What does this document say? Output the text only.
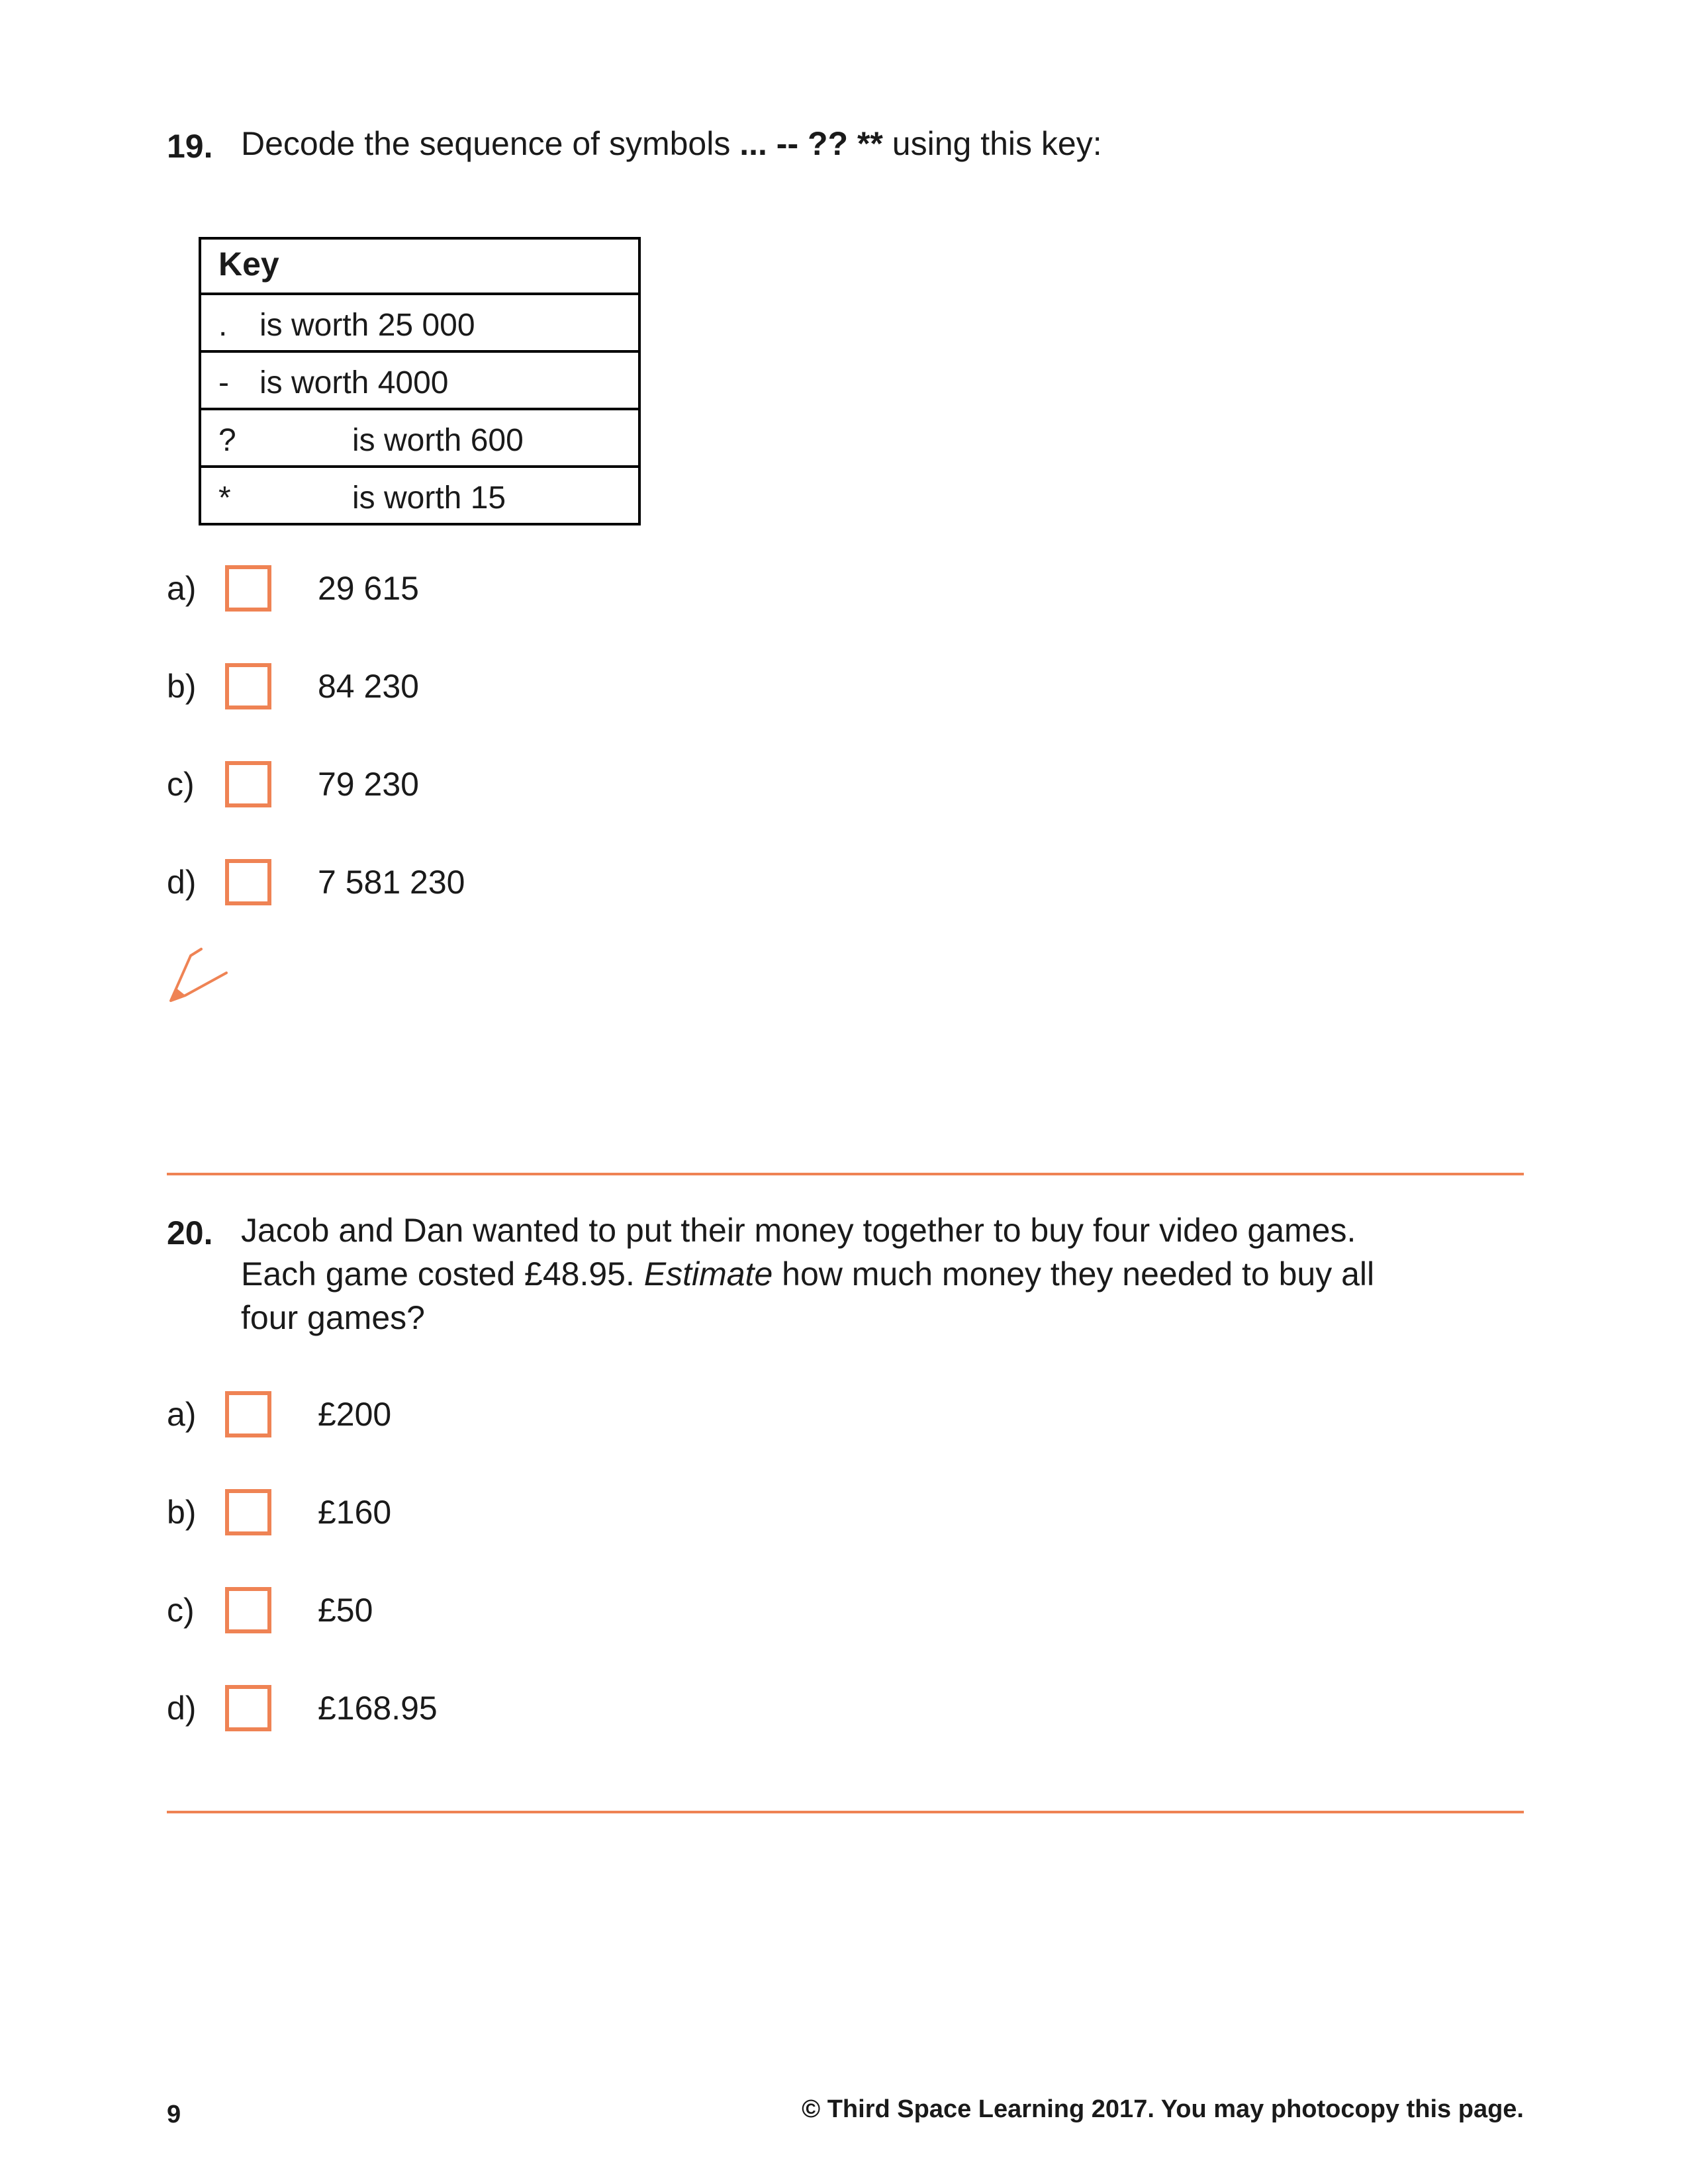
19. Decode the sequence of symbols ... -- ?? ** using this key:
Key
. is worth 25 000
- is worth 4000
?	is worth 600
*	is worth 15
a)	29 615
b)	84 230
c)	79 230
d)	7 581 230
20. Jacob and Dan wanted to put their money together to buy four video games.
Each game costed £48.95. Estimate how much money they needed to buy all
four games?
a)	£200
b)	£160
c)	£50
d)	£168.95
9	© Third Space Learning 2017. You may photocopy this page.
